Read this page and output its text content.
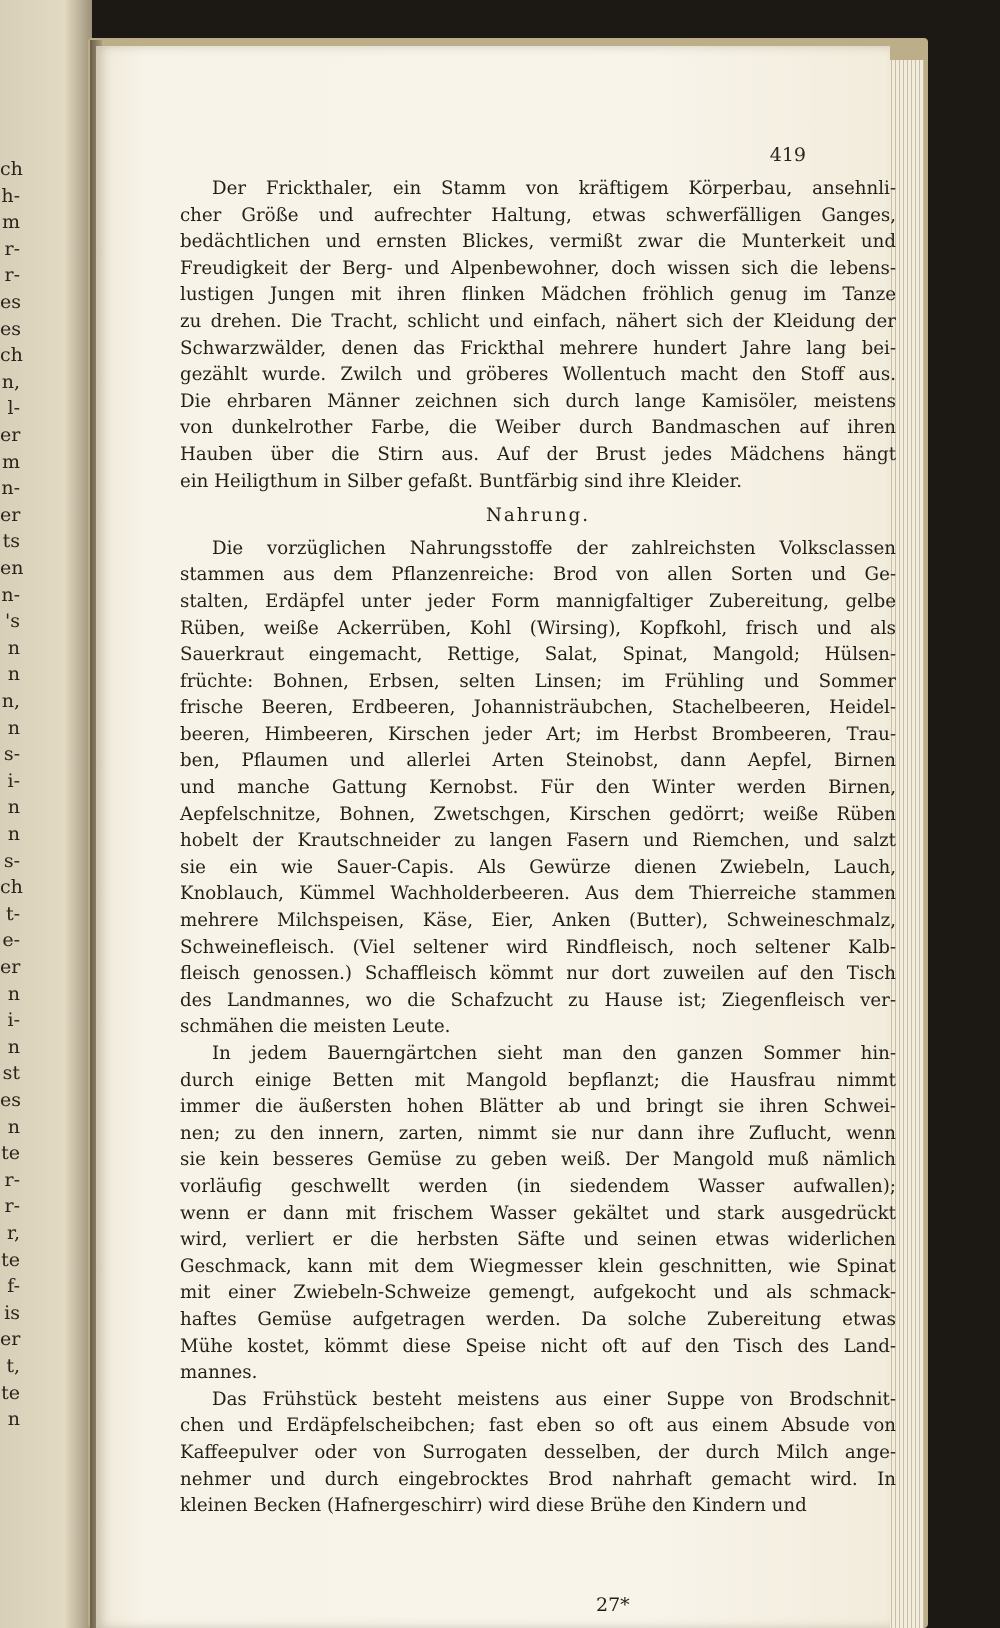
ch
h-
m
r-
r-
es
es
ch
n,
l-
er
m
n-
er
ts
en
n-
's
n
n
n,
n
s-
i-
n
n
s-
ch
t-
e-
er
n
i-
n
st
es
n
te
r-
r-
r,
te
f-
is
er
t,
te
n
419
Der Frickthaler, ein Stamm von kräftigem Körperbau, ansehnli-
cher Größe und aufrechter Haltung, etwas schwerfälligen Ganges,
bedächtlichen und ernsten Blickes, vermißt zwar die Munterkeit und
Freudigkeit der Berg- und Alpenbewohner, doch wissen sich die lebens-
lustigen Jungen mit ihren flinken Mädchen fröhlich genug im Tanze
zu drehen. Die Tracht, schlicht und einfach, nähert sich der Kleidung der
Schwarzwälder, denen das Frickthal mehrere hundert Jahre lang bei-
gezählt wurde. Zwilch und gröberes Wollentuch macht den Stoff aus.
Die ehrbaren Männer zeichnen sich durch lange Kamisöler, meistens
von dunkelrother Farbe, die Weiber durch Bandmaschen auf ihren
Hauben über die Stirn aus. Auf der Brust jedes Mädchens hängt
ein Heiligthum in Silber gefaßt. Buntfärbig sind ihre Kleider.
Nahrung.
Die vorzüglichen Nahrungsstoffe der zahlreichsten Volksclassen
stammen aus dem Pflanzenreiche: Brod von allen Sorten und Ge-
stalten, Erdäpfel unter jeder Form mannigfaltiger Zubereitung, gelbe
Rüben, weiße Ackerrüben, Kohl (Wirsing), Kopfkohl, frisch und als
Sauerkraut eingemacht, Rettige, Salat, Spinat, Mangold; Hülsen-
früchte: Bohnen, Erbsen, selten Linsen; im Frühling und Sommer
frische Beeren, Erdbeeren, Johannisträubchen, Stachelbeeren, Heidel-
beeren, Himbeeren, Kirschen jeder Art; im Herbst Brombeeren, Trau-
ben, Pflaumen und allerlei Arten Steinobst, dann Aepfel, Birnen
und manche Gattung Kernobst. Für den Winter werden Birnen,
Aepfelschnitze, Bohnen, Zwetschgen, Kirschen gedörrt; weiße Rüben
hobelt der Krautschneider zu langen Fasern und Riemchen, und salzt
sie ein wie Sauer-Capis. Als Gewürze dienen Zwiebeln, Lauch,
Knoblauch, Kümmel Wachholderbeeren. Aus dem Thierreiche stammen
mehrere Milchspeisen, Käse, Eier, Anken (Butter), Schweineschmalz,
Schweinefleisch. (Viel seltener wird Rindfleisch, noch seltener Kalb-
fleisch genossen.) Schaffleisch kömmt nur dort zuweilen auf den Tisch
des Landmannes, wo die Schafzucht zu Hause ist; Ziegenfleisch ver-
schmähen die meisten Leute.
In jedem Bauerngärtchen sieht man den ganzen Sommer hin-
durch einige Betten mit Mangold bepflanzt; die Hausfrau nimmt
immer die äußersten hohen Blätter ab und bringt sie ihren Schwei-
nen; zu den innern, zarten, nimmt sie nur dann ihre Zuflucht, wenn
sie kein besseres Gemüse zu geben weiß. Der Mangold muß nämlich
vorläufig geschwellt werden (in siedendem Wasser aufwallen);
wenn er dann mit frischem Wasser gekältet und stark ausgedrückt
wird, verliert er die herbsten Säfte und seinen etwas widerlichen
Geschmack, kann mit dem Wiegmesser klein geschnitten, wie Spinat
mit einer Zwiebeln-Schweize gemengt, aufgekocht und als schmack-
haftes Gemüse aufgetragen werden. Da solche Zubereitung etwas
Mühe kostet, kömmt diese Speise nicht oft auf den Tisch des Land-
mannes.
Das Frühstück besteht meistens aus einer Suppe von Brodschnit-
chen und Erdäpfelscheibchen; fast eben so oft aus einem Absude von
Kaffeepulver oder von Surrogaten desselben, der durch Milch ange-
nehmer und durch eingebrocktes Brod nahrhaft gemacht wird. In
kleinen Becken (Hafnergeschirr) wird diese Brühe den Kindern und
27*
